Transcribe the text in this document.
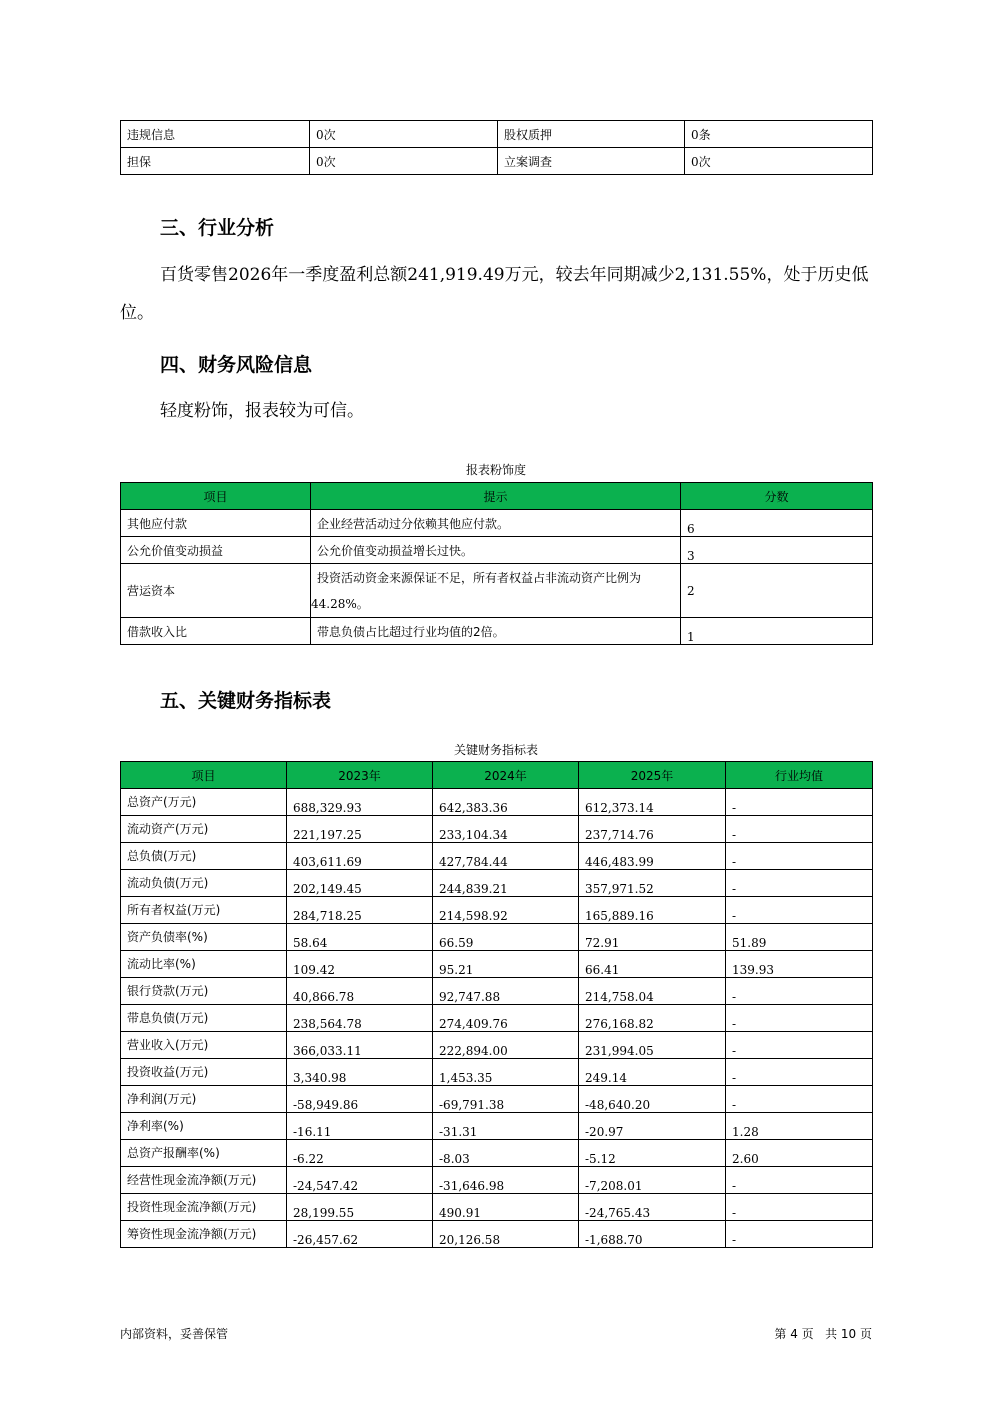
违规信息	0次	股权质押	0条
担保	0次	立案调查	0次
三、行业分析
百货零售2026年一季度盈利总额241,919.49万元，较去年同期减少2,131.55%，处于历史低
位。
四、财务风险信息
轻度粉饰，报表较为可信。
报表粉饰度
项目	提示	分数
其他应付款	企业经营活动过分依赖其他应付款。	6
公允价值变动损益	公允价值变动损益增长过快。	3
营运资本	投资活动资金来源保证不足，所有者权益占非流动资产比例为
44.28%。	2
借款收入比	带息负债占比超过行业均值的2倍。	1
五、关键财务指标表
关键财务指标表
项目	2023年	2024年	2025年	行业均值
总资产(万元)	688,329.93	642,383.36	612,373.14	-
流动资产(万元)	221,197.25	233,104.34	237,714.76	-
总负债(万元)	403,611.69	427,784.44	446,483.99	-
流动负债(万元)	202,149.45	244,839.21	357,971.52	-
所有者权益(万元)	284,718.25	214,598.92	165,889.16	-
资产负债率(%)	58.64	66.59	72.91	51.89
流动比率(%)	109.42	95.21	66.41	139.93
银行贷款(万元)	40,866.78	92,747.88	214,758.04	-
带息负债(万元)	238,564.78	274,409.76	276,168.82	-
营业收入(万元)	366,033.11	222,894.00	231,994.05	-
投资收益(万元)	3,340.98	1,453.35	249.14	-
净利润(万元)	-58,949.86	-69,791.38	-48,640.20	-
净利率(%)	-16.11	-31.31	-20.97	1.28
总资产报酬率(%)	-6.22	-8.03	-5.12	2.60
经营性现金流净额(万元)	-24,547.42	-31,646.98	-7,208.01	-
投资性现金流净额(万元)	28,199.55	490.91	-24,765.43	-
筹资性现金流净额(万元)	-26,457.62	20,126.58	-1,688.70	-
内部资料，妥善保管	第 4 页   共 10 页
